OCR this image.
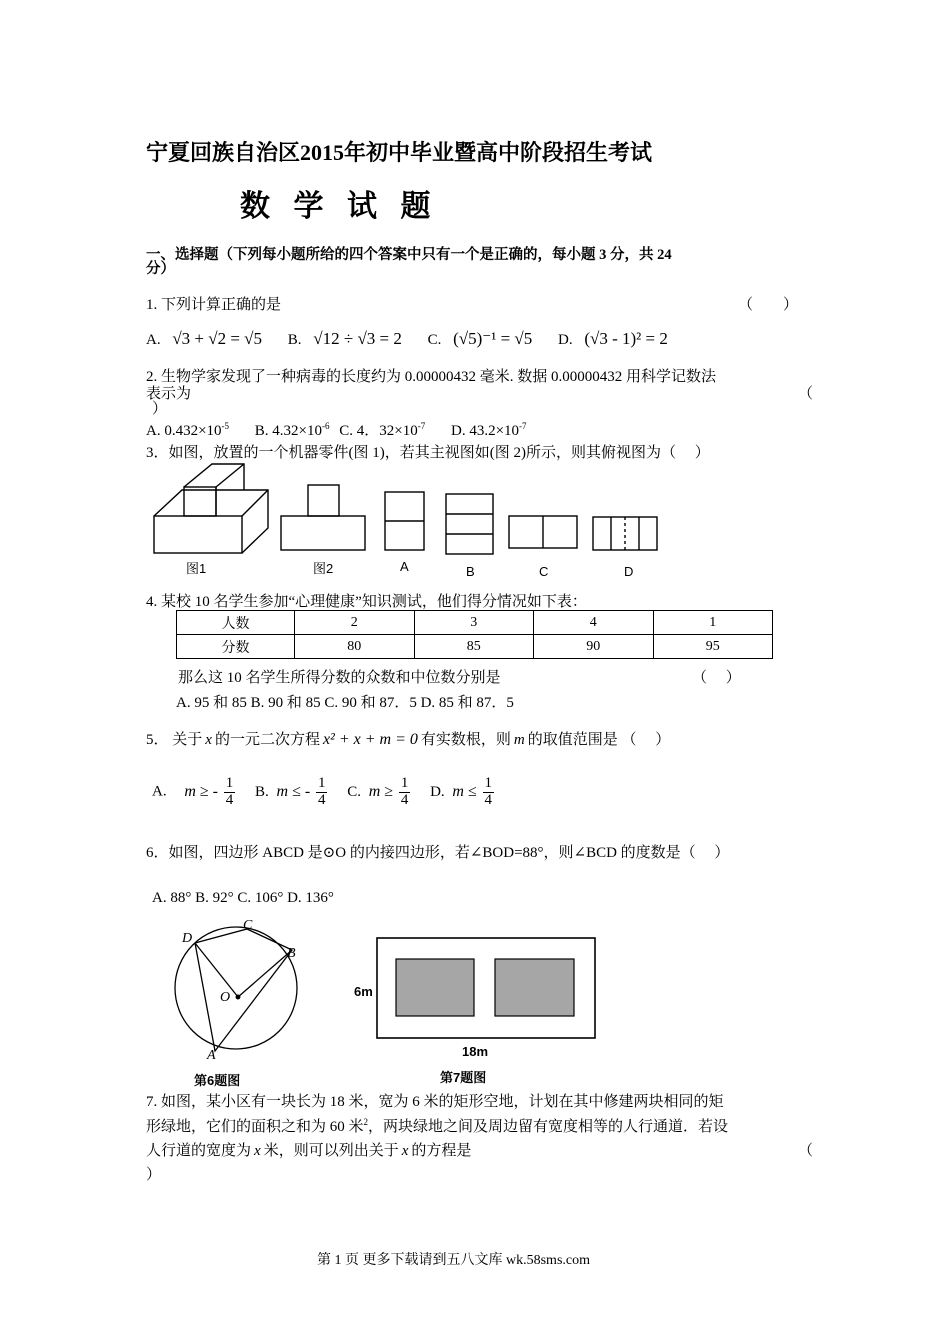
宁夏回族自治区2015年初中毕业暨高中阶段招生考试
数 学 试 题
一、选择题（下列每小题所给的四个答案中只有一个是正确的，每小题 3 分，共 24
分）
1. 下列计算正确的是	（　　）
A. √3 + √2 = √5 B. √12 ÷ √3 = 2 C. (√5)⁻¹ = √5 D. (√3 - 1)² = 2
2. 生物学家发现了一种病毒的长度约为 0.00000432 毫米. 数据 0.00000432 用科学记数法
表示为	（
）
A. $0.432\times 10^{-5}$ B. $4.32\times 10^{-6}$ C. 4．$32\times 10^{-7}$ D. $43.2\times 10^{-7}$
3．如图，放置的一个机器零件(图 1)，若其主视图如(图 2)所示，则其俯视图为（　 ）
图1	图2	A	B	C	D
4. 某校 10 名学生参加“心理健康”知识测试，他们得分情况如下表：
人数	2	3	4	1
分数	80	85	90	95
那么这 10 名学生所得分数的众数和中位数分别是	（　 ）
A. 95 和 85 B. 90 和 85 C. 90 和 87．5 D. 85 和 87．5
5． 关于 x 的一元二次方程 x² + x + m = 0 有实数根，则 m 的取值范围是 （　 ）
A. m ≥ - $\frac{1}{4} B$. m ≤ - $\frac{1}{4} C$. $m \ge \frac{1}{4} D$. $m \le \frac{1}{4}$
6．如图，四边形 ABCD 是⊙O 的内接四边形，若∠BOD=88°，则∠BCD 的度数是（　 ）
A. 88° B. 92° C. 106° D. 136°
D
C
B
O
A
第6题图
6m
18m
第7题图
7. 如图，某小区有一块长为 18 米，宽为 6 米的矩形空地，计划在其中修建两块相同的矩
形绿地，它们的面积之和为 60 米$^2$，两块绿地之间及周边留有宽度相等的人行通道．若设
人行道的宽度为 x 米，则可以列出关于 x 的方程是	（
）
第 1 页 更多下载请到五八文库 wk.58sms.com
